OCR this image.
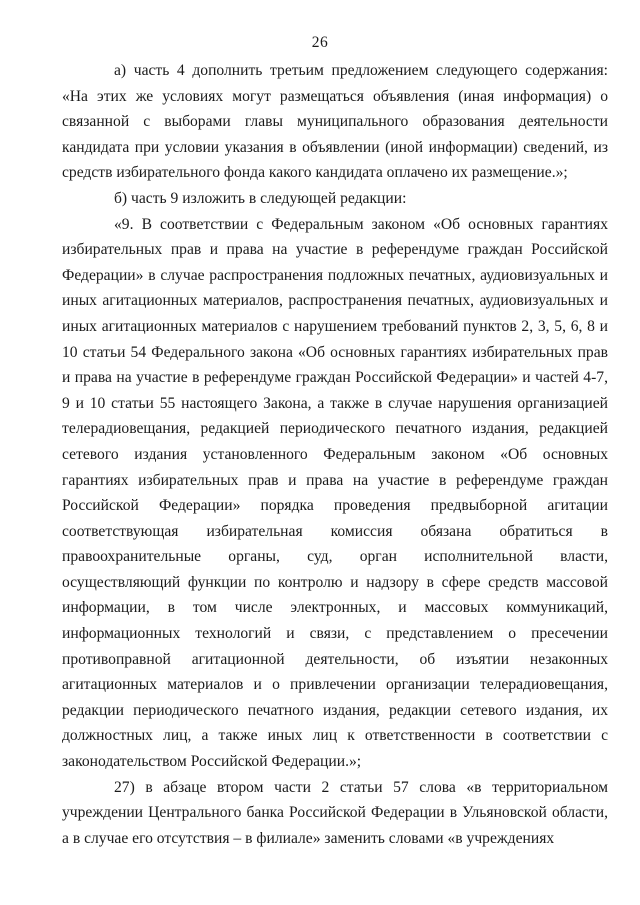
26

а) часть 4 дополнить третьим предложением следующего содержания: «На этих же условиях могут размещаться объявления (иная информация) о связанной с выборами главы муниципального образования деятельности кандидата при условии указания в объявлении (иной информации) сведений, из средств избирательного фонда какого кандидата оплачено их размещение.»;

б) часть 9 изложить в следующей редакции:

«9. В соответствии с Федеральным законом «Об основных гарантиях избирательных прав и права на участие в референдуме граждан Российской Федерации» в случае распространения подложных печатных, аудиовизуальных и иных агитационных материалов, распространения печатных, аудиовизуальных и иных агитационных материалов с нарушением требований пунктов 2, 3, 5, 6, 8 и 10 статьи 54 Федерального закона «Об основных гарантиях избирательных прав и права на участие в референдуме граждан Российской Федерации» и частей 4-7, 9 и 10 статьи 55 настоящего Закона, а также в случае нарушения организацией телерадиовещания, редакцией периодического печатного издания, редакцией сетевого издания установленного Федеральным законом «Об основных гарантиях избирательных прав и права на участие в референдуме граждан Российской Федерации» порядка проведения предвыборной агитации соответствующая избирательная комиссия обязана обратиться в правоохранительные органы, суд, орган исполнительной власти, осуществляющий функции по контролю и надзору в сфере средств массовой информации, в том числе электронных, и массовых коммуникаций, информационных технологий и связи, с представлением о пресечении противоправной агитационной деятельности, об изъятии незаконных агитационных материалов и о привлечении организации телерадиовещания, редакции периодического печатного издания, редакции сетевого издания, их должностных лиц, а также иных лиц к ответственности в соответствии с законодательством Российской Федерации.»;

27) в абзаце втором части 2 статьи 57 слова «в территориальном учреждении Центрального банка Российской Федерации в Ульяновской области, а в случае его отсутствия – в филиале» заменить словами «в учреждениях
